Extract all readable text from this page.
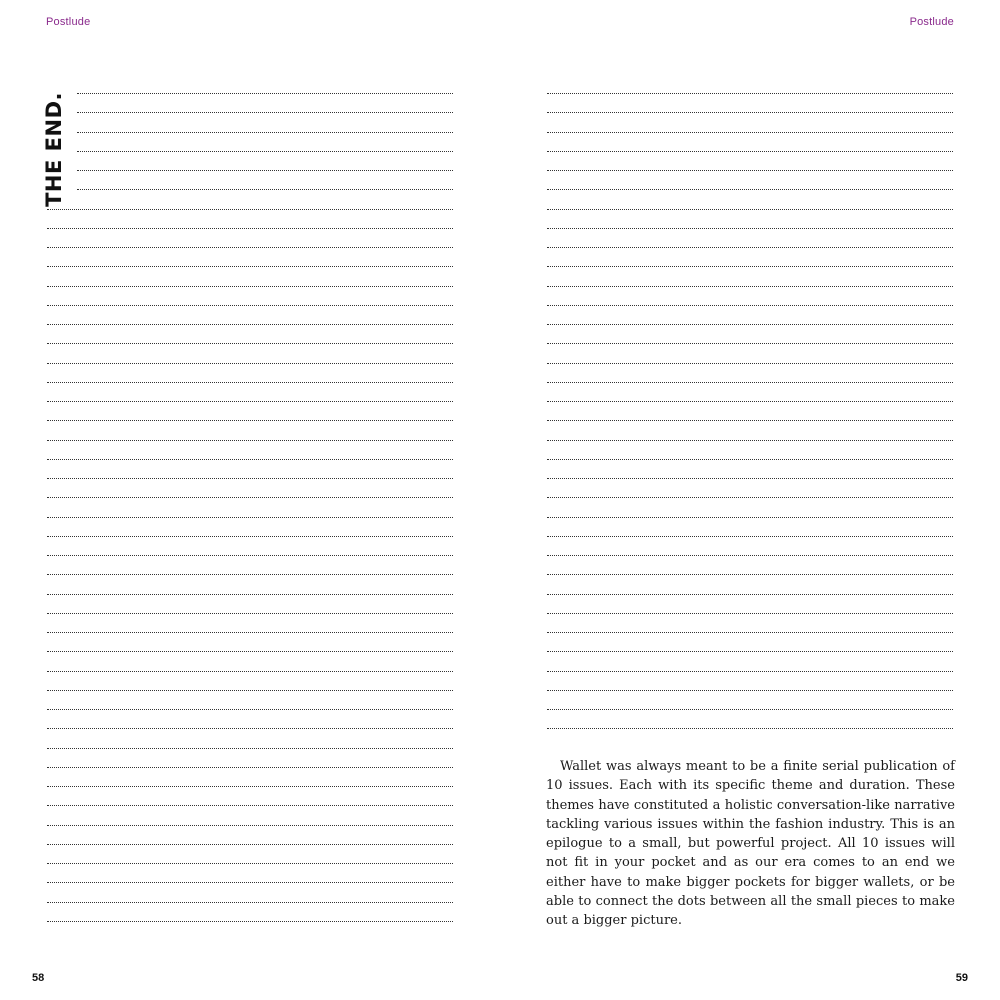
Postlude	Postlude
THE END.
58

Wallet was always meant to be a finite serial publication of 10 issues. Each with its specific theme and duration. These themes have constituted a holistic conversation-like narrative tackling various issues within the fashion industry. This is an epilogue to a small, but powerful project. All 10 issues will not fit in your pocket and as our era comes to an end we either have to make bigger pockets for bigger wallets, or be able to connect the dots between all the small pieces to make out a bigger picture.

59
